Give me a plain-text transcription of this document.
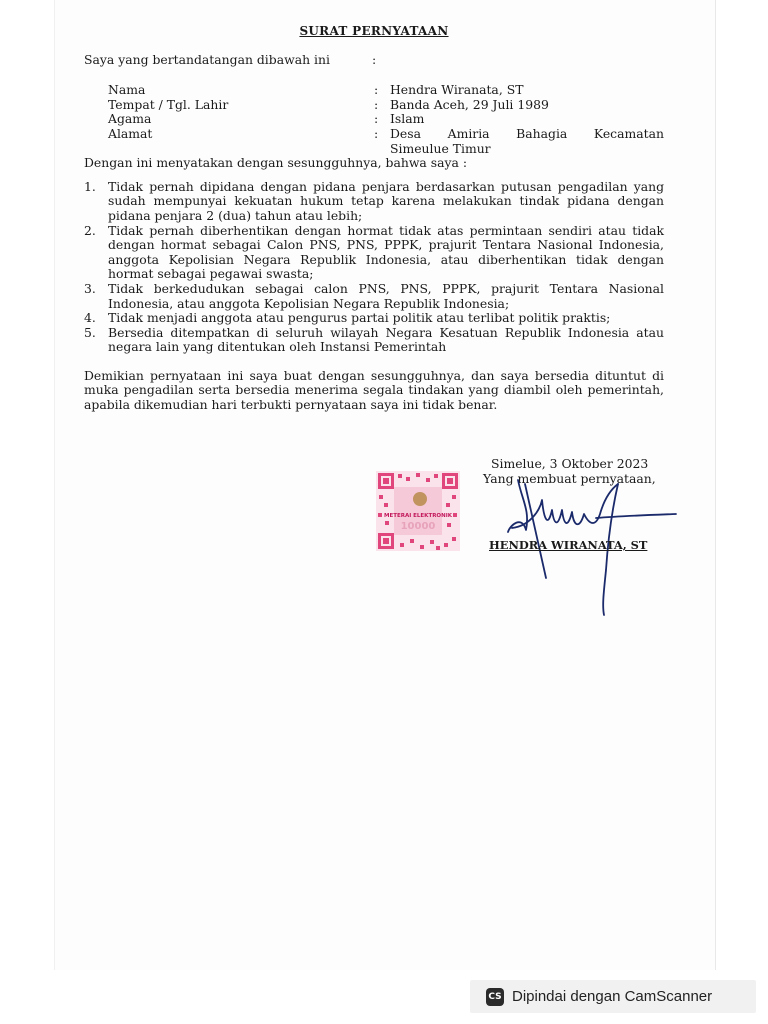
SURAT PERNYATAAN
Saya yang bertandatangan dibawah ini	:
Nama	: Hendra Wiranata, ST
Tempat / Tgl. Lahir	: Banda Aceh, 29 Juli 1989
Agama	: Islam
Alamat	: Desa Amiria Bahagia Kecamatan
Simeulue Timur
Dengan ini menyatakan dengan sesungguhnya, bahwa saya :
1. Tidak pernah dipidana dengan pidana penjara berdasarkan putusan pengadilan yang sudah mempunyai kekuatan hukum tetap karena melakukan tindak pidana dengan pidana penjara 2 (dua) tahun atau lebih;
2. Tidak pernah diberhentikan dengan hormat tidak atas permintaan sendiri atau tidak dengan hormat sebagai Calon PNS, PNS, PPPK, prajurit Tentara Nasional Indonesia, anggota Kepolisian Negara Republik Indonesia, atau diberhentikan tidak dengan hormat sebagai pegawai swasta;
3. Tidak berkedudukan sebagai calon PNS, PNS, PPPK, prajurit Tentara Nasional Indonesia, atau anggota Kepolisian Negara Republik Indonesia;
4. Tidak menjadi anggota atau pengurus partai politik atau terlibat politik praktis;
5. Bersedia ditempatkan di seluruh wilayah Negara Kesatuan Republik Indonesia atau negara lain yang ditentukan oleh Instansi Pemerintah
Demikian pernyataan ini saya buat dengan sesungguhnya, dan saya bersedia dituntut di muka pengadilan serta bersedia menerima segala tindakan yang diambil oleh pemerintah, apabila dikemudian hari terbukti pernyataan saya ini tidak benar.
Simelue, 3 Oktober 2023
Yang membuat pernyataan,
METERAI ELEKTRONIK
10000
HENDRA WIRANATA, ST
CS Dipindai dengan CamScanner
